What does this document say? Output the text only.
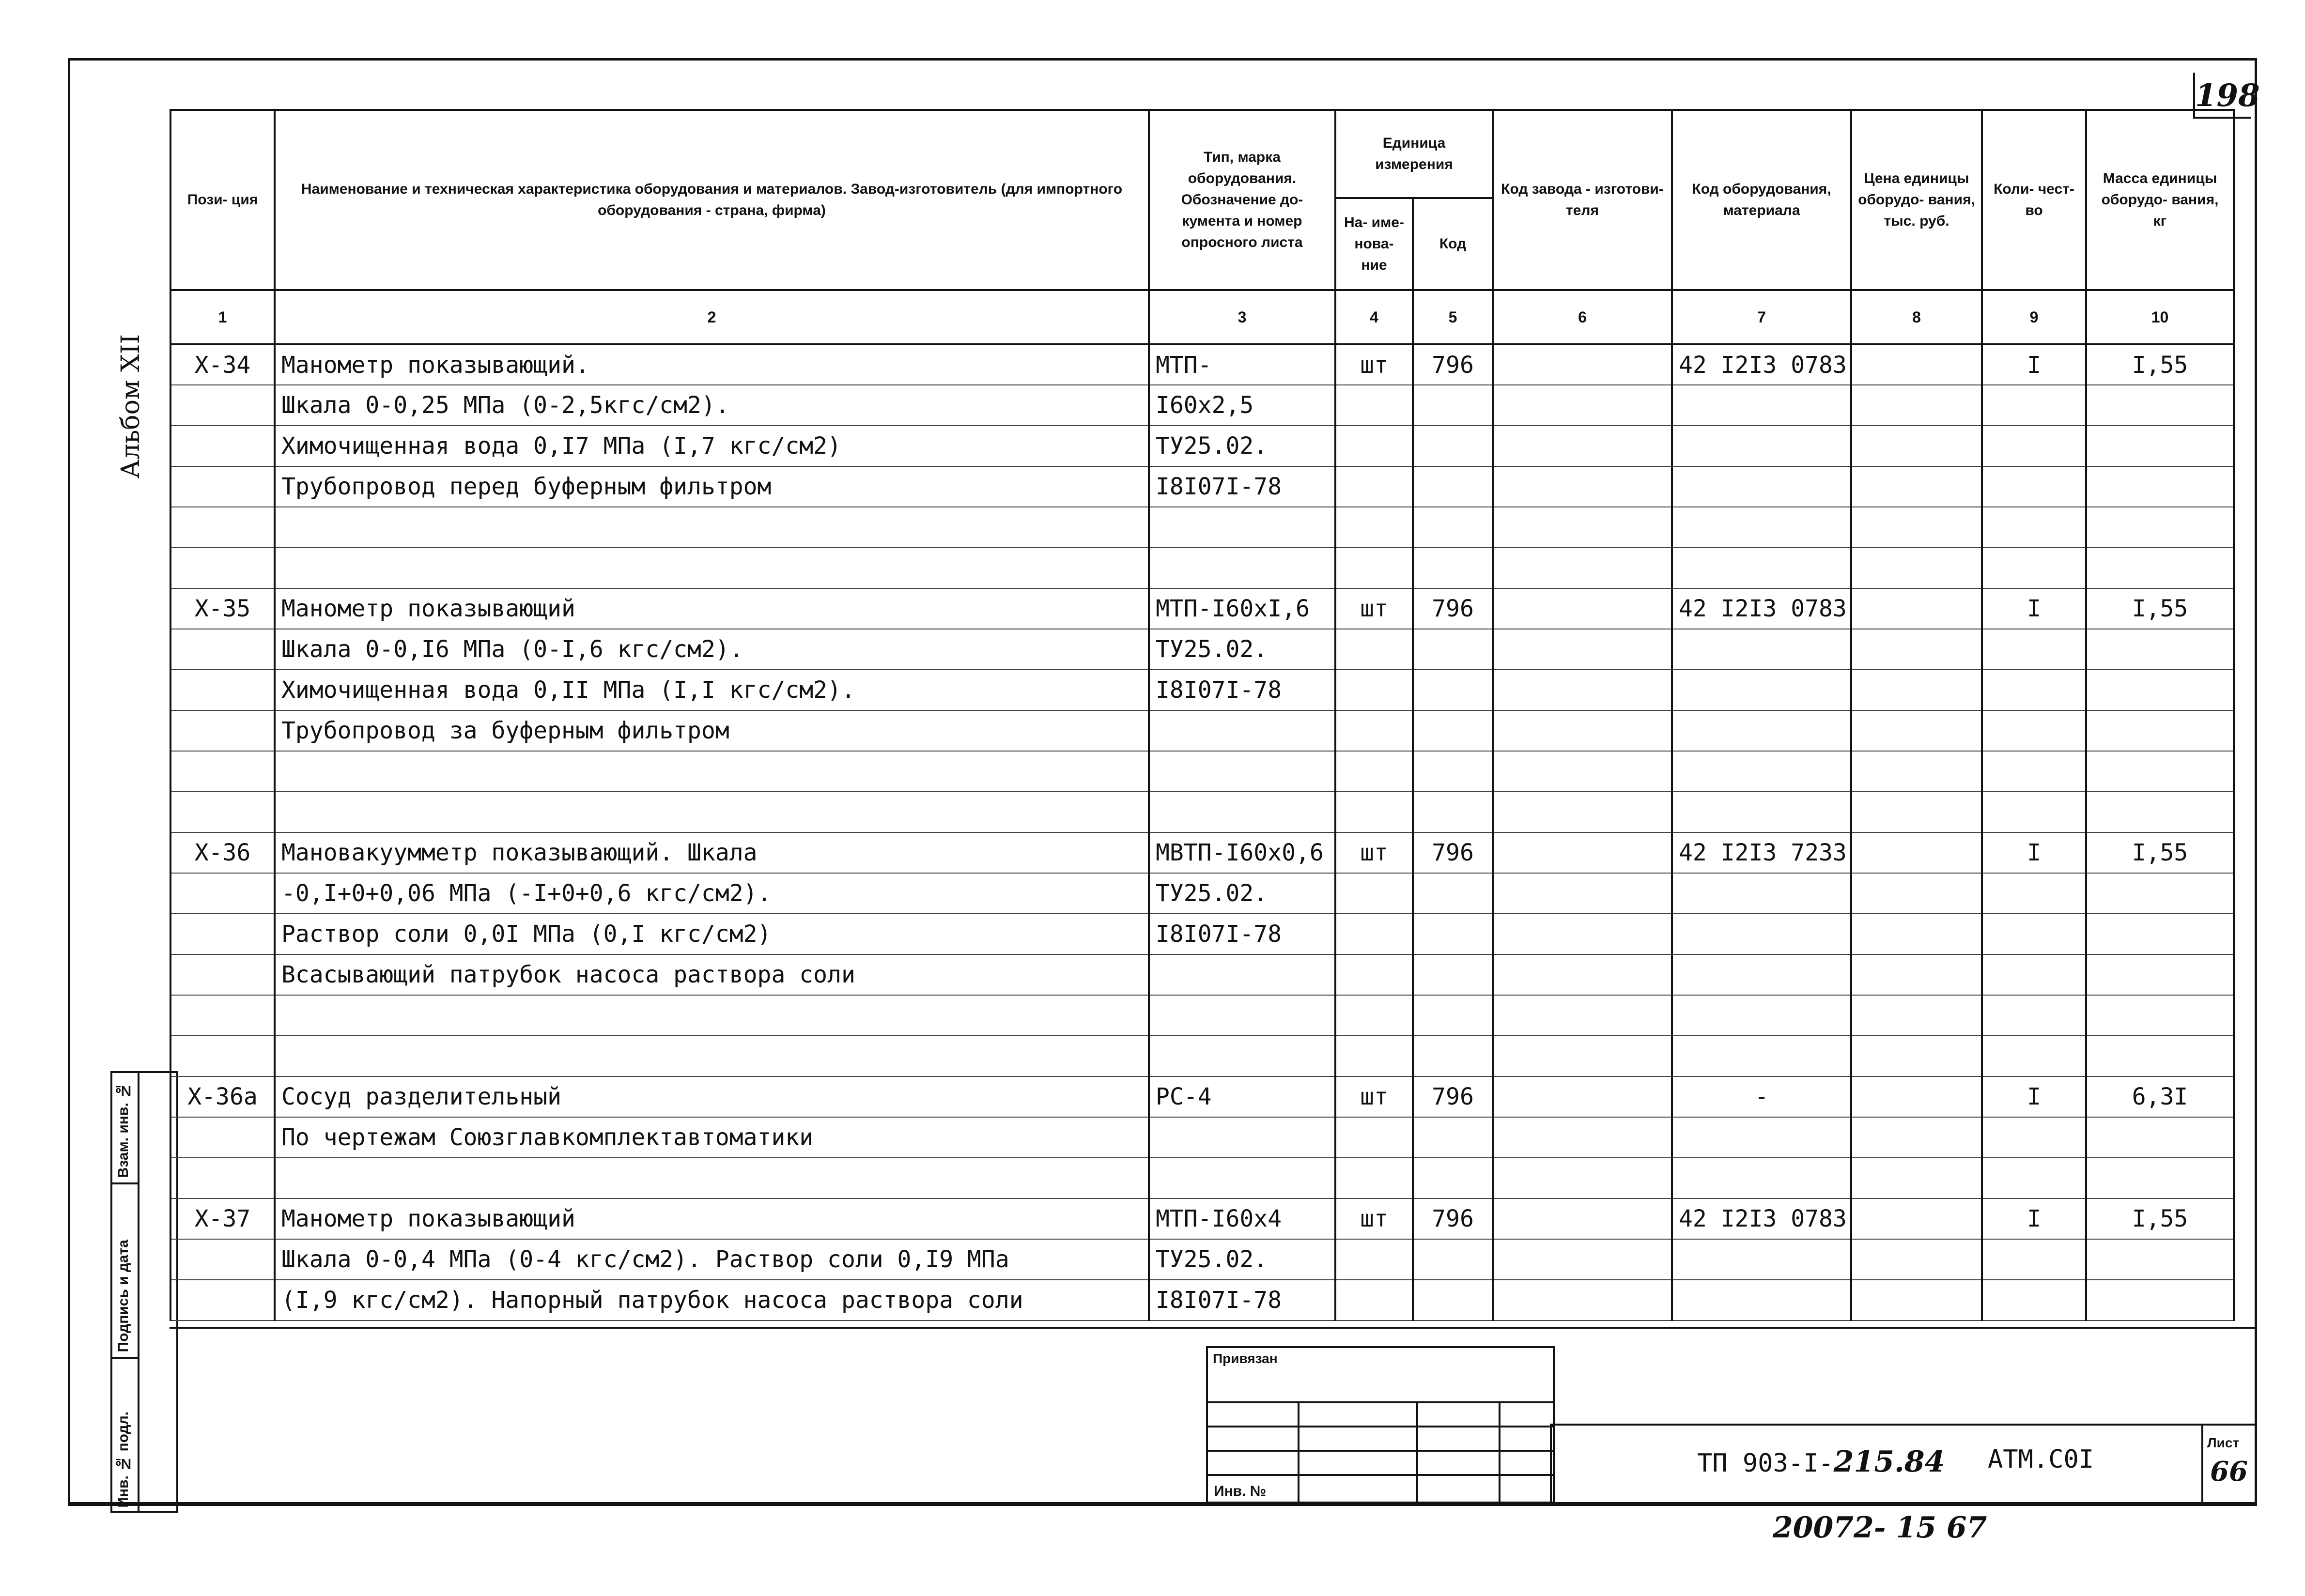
198
Альбом XII
Взам. инв. №
Подпись и дата
Инв. № подл.
Пози- ция	Наименование и техническая характеристика оборудования и материалов. Завод-изготовитель (для импортного оборудования - страна, фирма)	Тип, марка оборудования. Обозначение до- кумента и номер опросного листа	Единица измерения		Код завода - изготови- теля	Код оборудования, материала	Цена единицы оборудо- вания, тыс. руб.	Коли- чест- во	Масса единицы оборудо- вания, кг
			На- име- нова- ние	Код					
1	2	3	4	5	6	7	8	9	10
Х-34	Манометр показывающий.	МТП-	шт	796		42 I2I3 0783		I	I,55
	Шкала 0-0,25 МПа (0-2,5кгс/см2).	I60х2,5							
	Химочищенная вода 0,I7 МПа (I,7 кгс/см2)	ТУ25.02.							
	Трубопровод перед буферным фильтром	I8I07I-78							

Х-35	Манометр показывающий	МТП-I60хI,6	шт	796		42 I2I3 0783		I	I,55
	Шкала 0-0,I6 МПа (0-I,6 кгс/см2).	ТУ25.02.							
	Химочищенная вода 0,II МПа (I,I кгс/см2).	I8I07I-78							
	Трубопровод за буферным фильтром								

Х-36	Мановакуумметр показывающий. Шкала	МВТП-I60х0,6	шт	796		42 I2I3 7233		I	I,55
	-0,I+0+0,06 МПа (-I+0+0,6 кгс/см2).	ТУ25.02.							
	Раствор соли 0,0I МПа (0,I кгс/см2)	I8I07I-78							
	Всасывающий патрубок насоса раствора соли								

Х-36а	Сосуд разделительный	РС-4	шт	796		-		I	6,3I
	По чертежам Союзглавкомплектавтоматики								

Х-37	Манометр показывающий	МТП-I60х4	шт	796		42 I2I3 0783		I	I,55
	Шкала 0-0,4 МПа (0-4 кгс/см2). Раствор соли 0,I9 МПа	ТУ25.02.							
	(I,9 кгс/см2). Напорный патрубок насоса раствора соли	I8I07I-78							
Привязан
Инв. №
ТП 903-I-215.84 АТМ.С0I
Лист
66
20072- 15 67
